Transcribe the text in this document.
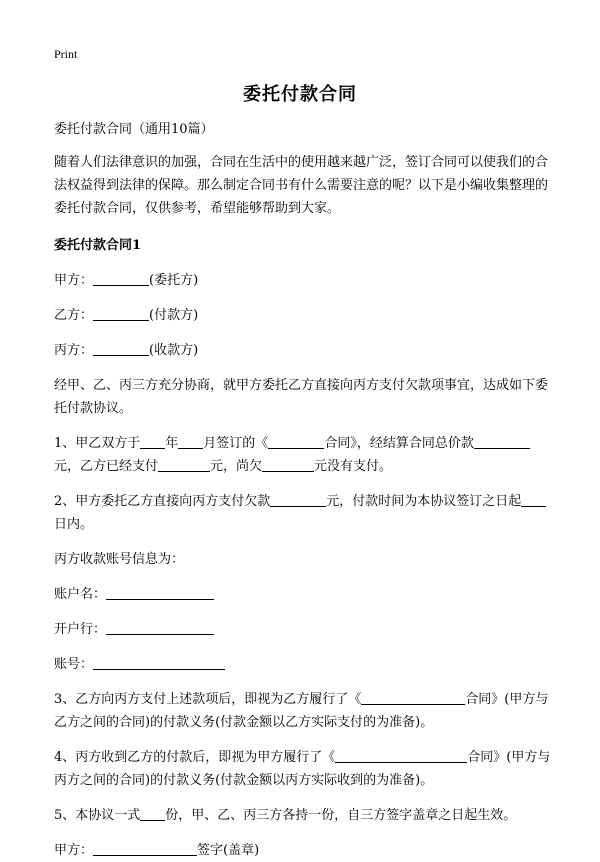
Print
委托付款合同

委托付款合同（通用10篇）

随着人们法律意识的加强，合同在生活中的使用越来越广泛，签订合同可以使我们的合法权益得到法律的保障。那么制定合同书有什么需要注意的呢？以下是小编收集整理的委托付款合同，仅供参考，希望能够帮助到大家。

委托付款合同1

甲方：	(委托方)

乙方：	(付款方)

丙方：	(收款方)

经甲、乙、丙三方充分协商，就甲方委托乙方直接向丙方支付欠款项事宜，达成如下委托付款协议。

1、甲乙双方于 年 月签订的《	合同》，经结算合同总价款元，乙方已经支付	元，尚欠	元没有支付。

2、甲方委托乙方直接向丙方支付欠款	元，付款时间为本协议签订之日起日内。

丙方收款账号信息为：

账户名：

开户行：

账号：

3、乙方向丙方支付上述款项后，即视为乙方履行了《	合同》(甲方与乙方之间的合同)的付款义务(付款金额以乙方实际支付的为准备)。

4、丙方收到乙方的付款后，即视为甲方履行了《	合同》(甲方与丙方之间的合同)的付款义务(付款金额以丙方实际收到的为准备)。

5、本协议一式 份，甲、乙、丙三方各持一份，自三方签字盖章之日起生效。

甲方：	签字(盖章)
